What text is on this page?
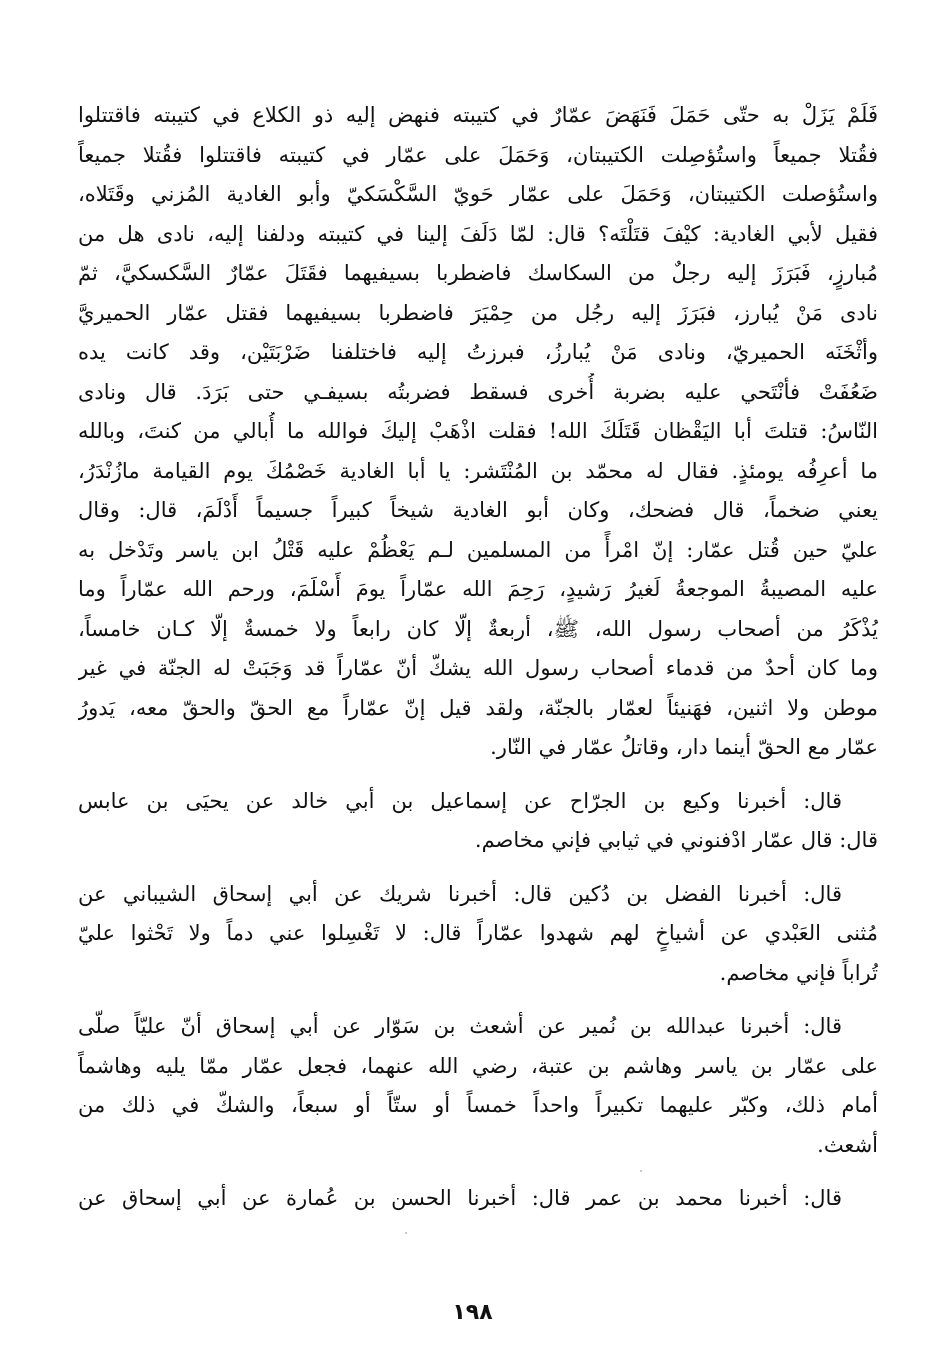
فَلَمْ يَزَلْ به حتّى حَمَلَ فَنَهَضَ عمّارٌ في كتيبته فنهض إليه ذو الكلاع في كتيبته فاقتتلوا
فقُتلا جميعاً واستُؤصِلت الكتيبتان، وَحَمَلَ على عمّار في كتيبته فاقتتلوا فقُتلا جميعاً
واستُؤصلت الكتيبتان، وَحَمَلَ على عمّار حَويّ السَّكْسَكيّ وأبو الغادية المُزني وقَتَلاه،
فقيل لأبي الغادية: كيْفَ قتَلْتَه؟ قال: لمّا دَلَفَ إلينا في كتيبته ودلفنا إليه، نادى هل من
مُبارزٍ، فَبَرَزَ إليه رجلٌ من السكاسك فاضطربا بسيفيهما فقَتَلَ عمّارٌ السَّكسكيَّ، ثمّ
نادى مَنْ يُبارز، فبَرَزَ إليه رجُل من حِمْيَرَ فاضطربا بسيفيهما فقتل عمّار الحميريَّ
وأثْخَنَه الحميريّ، ونادى مَنْ يُبارزُ، فبرزتُ إليه فاختلفنا ضَرْبَتَيْن، وقد كانت يده
ضَعُفَتْ فأنْتَحي عليه بضربة أُخرى فسقط فضربتُه بسيفـي حتى بَرَدَ. قال ونادى
النّاسُ: قتلتَ أبا اليَقْظان قَتَلَكَ الله! فقلت اذْهَبْ إليكَ فوالله ما أُبالي من كنتَ، وبالله
ما أعرِفُه يومئذٍ. فقال له محمّد بن المُنْتَشر: يا أبا الغادية خَصْمُكَ يوم القيامة مازُنْدَرُ،
يعني ضخماً، قال فضحك، وكان أبو الغادية شيخاً كبيراً جسيماً أَدْلَمَ، قال: وقال
عليّ حين قُتل عمّار: إنّ امْرأً من المسلمين لـم يَعْظُمْ عليه قَتْلُ ابن ياسر وتَدْخل به
عليه المصيبةُ الموجعةُ لَغيرُ رَشيدٍ، رَحِمَ الله عمّاراً يومَ أَسْلَمَ، ورحم الله عمّاراً وما
يُذْكَرُ من أصحاب رسول الله، ﷺ، أربعةٌ إلّا كان رابعاً ولا خمسةٌ إلّا كـان خامساً،
وما كان أحدٌ من قدماء أصحاب رسول الله يشكّ أنّ عمّاراً قد وَجَبَتْ له الجنّة في غير
موطن ولا اثنين، فهَنيئاً لعمّار بالجنّة، ولقد قيل إنّ عمّاراً مع الحقّ والحقّ معه، يَدورُ
عمّار مع الحقّ أينما دار، وقاتلُ عمّار في النّار.
قال: أخبرنا وكيع بن الجرّاح عن إسماعيل بن أبي خالد عن يحيَى بن عابس
قال: قال عمّار ادْفنوني في ثيابي فإني مخاصم.
قال: أخبرنا الفضل بن دُكين قال: أخبرنا شريك عن أبي إسحاق الشيباني عن
مُثنى العَبْدي عن أشياخٍ لهم شهدوا عمّاراً قال: لا تَغْسِلوا عني دماً ولا تَحْثوا عليّ
تُراباً فإني مخاصم.
قال: أخبرنا عبدالله بن نُمير عن أشعث بن سَوّار عن أبي إسحاق أنّ عليّاً صلّى
على عمّار بن ياسر وهاشم بن عتبة، رضي الله عنهما، فجعل عمّار ممّا يليه وهاشماً
أمام ذلك، وكبّر عليهما تكبيراً واحداً خمساً أو ستّاً أو سبعاً، والشكّ في ذلك من
أشعث.
قال: أخبرنا محمد بن عمر قال: أخبرنا الحسن بن عُمارة عن أبي إسحاق عن
١٩٨
